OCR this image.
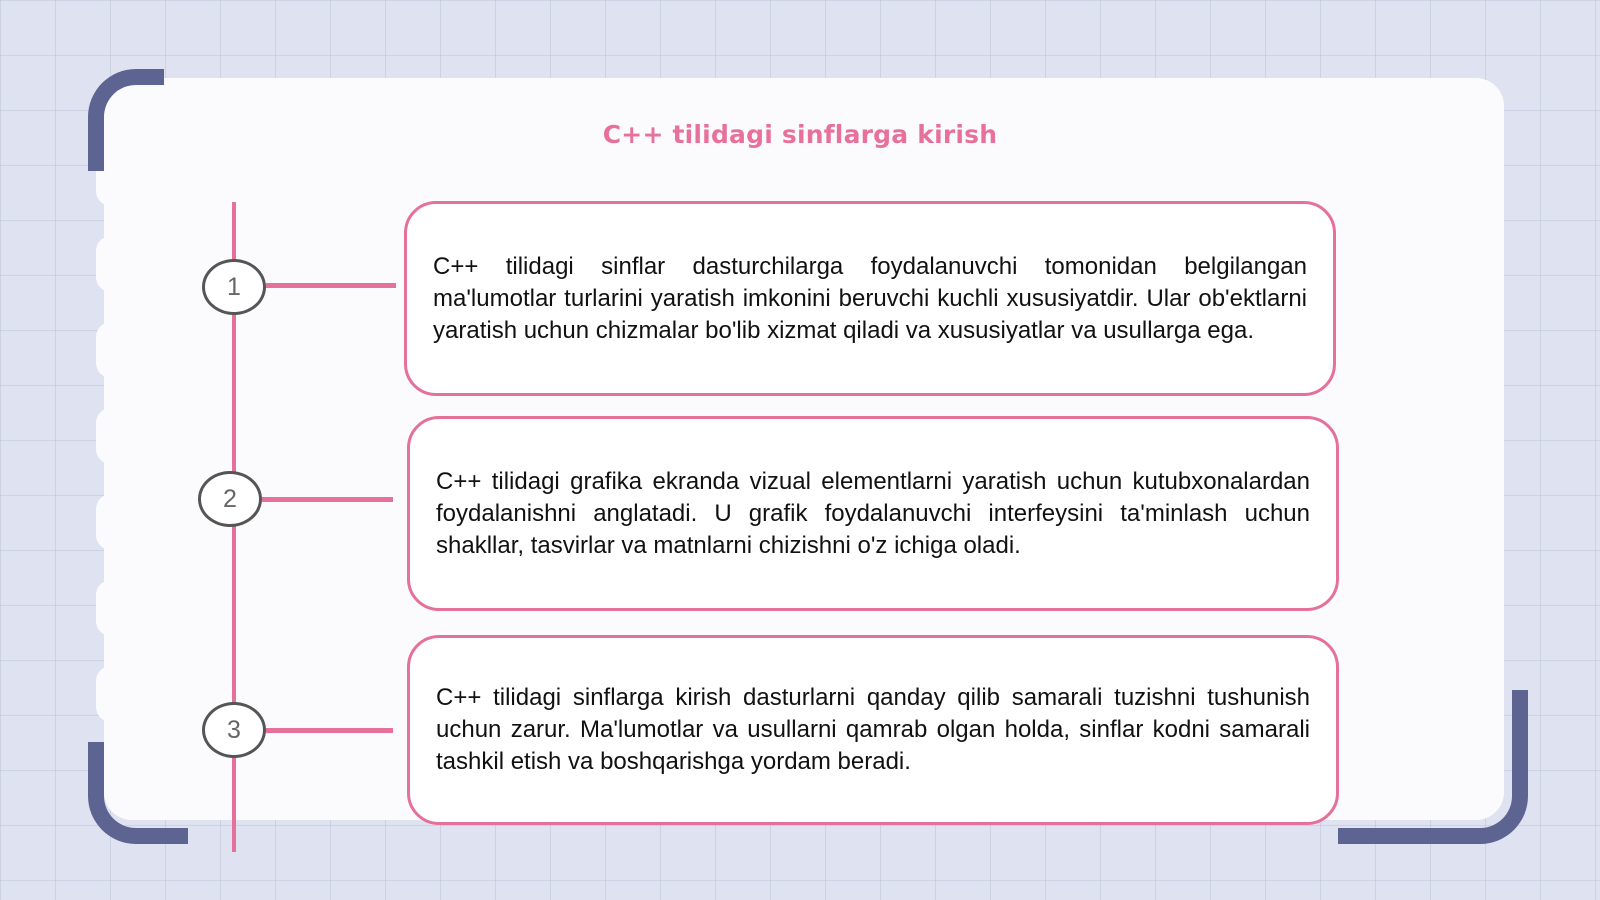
C++ tilidagi sinflarga kirish
1
2
3

C++ tilidagi sinflar dasturchilarga foydalanuvchi tomonidan belgilangan ma'lumotlar turlarini yaratish imkonini beruvchi kuchli xususiyatdir. Ular ob'ektlarni yaratish uchun chizmalar bo'lib xizmat qiladi va xususiyatlar va usullarga ega.

C++ tilidagi grafika ekranda vizual elementlarni yaratish uchun kutubxonalardan foydalanishni anglatadi. U grafik foydalanuvchi interfeysini ta'minlash uchun shakllar, tasvirlar va matnlarni chizishni o'z ichiga oladi.

C++ tilidagi sinflarga kirish dasturlarni qanday qilib samarali tuzishni tushunish uchun zarur. Ma'lumotlar va usullarni qamrab olgan holda, sinflar kodni samarali tashkil etish va boshqarishga yordam beradi.
